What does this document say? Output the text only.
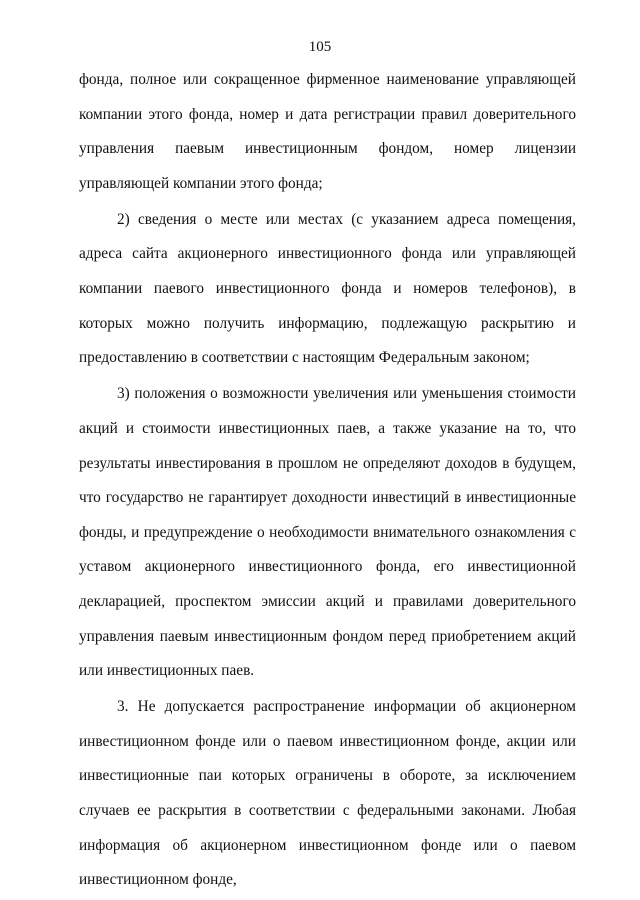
105

фонда, полное или сокращенное фирменное наименование управляющей компании этого фонда, номер и дата регистрации правил доверительного управления паевым инвестиционным фондом, номер лицензии управляющей компании этого фонда;

2) сведения о месте или местах (с указанием адреса помещения, адреса сайта акционерного инвестиционного фонда или управляющей компании паевого инвестиционного фонда и номеров телефонов), в которых можно получить информацию, подлежащую раскрытию и предоставлению в соответствии с настоящим Федеральным законом;

3) положения о возможности увеличения или уменьшения стоимости акций и стоимости инвестиционных паев, а также указание на то, что результаты инвестирования в прошлом не определяют доходов в будущем, что государство не гарантирует доходности инвестиций в инвестиционные фонды, и предупреждение о необходимости внимательного ознакомления с уставом акционерного инвестиционного фонда, его инвестиционной декларацией, проспектом эмиссии акций и правилами доверительного управления паевым инвестиционным фондом перед приобретением акций или инвестиционных паев.

3. Не допускается распространение информации об акционерном инвестиционном фонде или о паевом инвестиционном фонде, акции или инвестиционные паи которых ограничены в обороте, за исключением случаев ее раскрытия в соответствии с федеральными законами. Любая информация об акционерном инвестиционном фонде или о паевом инвестиционном фонде,
